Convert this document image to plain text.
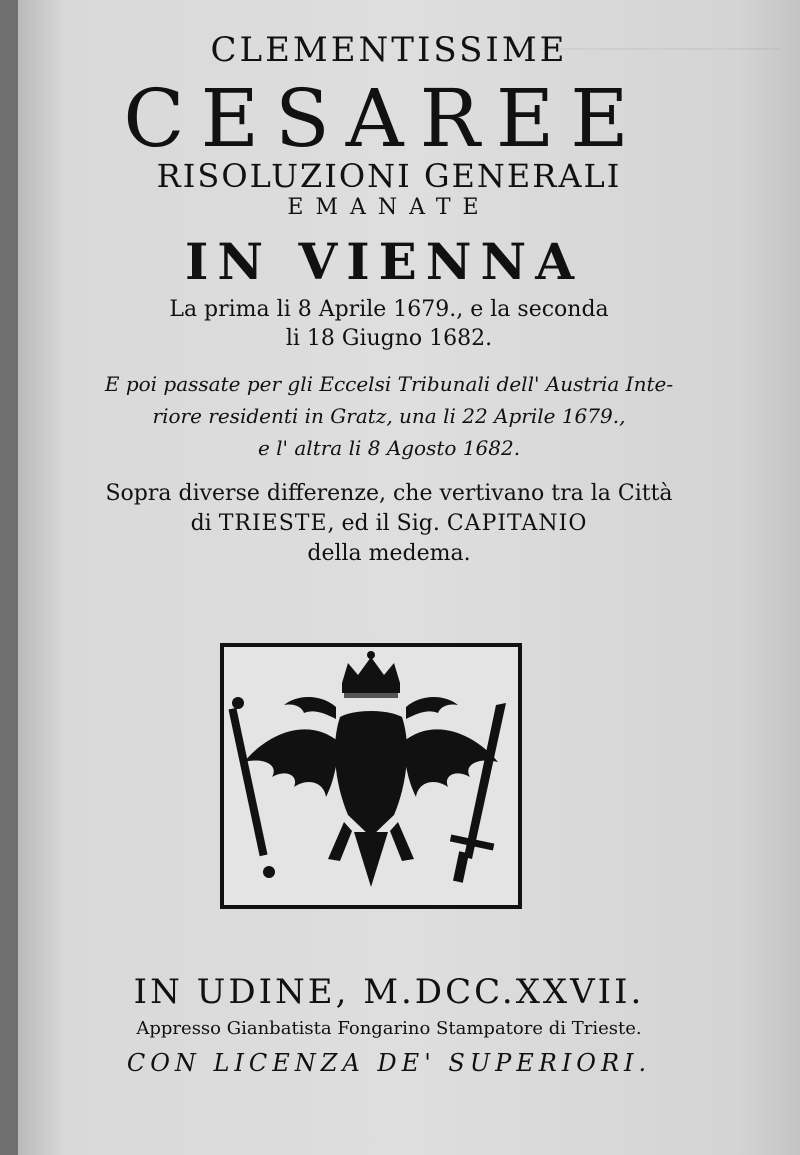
CLEMENTISSIME

CESAREE

RISOLUZIONI GENERALI

EMANATE

IN VIENNA

La prima li 8 Aprile 1679., e la seconda

li 18 Giugno 1682.

E poi passate per gli Eccelsi Tribunali dell' Austria Inte-

riore residenti in Gratz, una li 22 Aprile 1679.,

e l' altra li 8 Agosto 1682.

Sopra diverse differenze, che vertivano tra la Città

di TRIESTE, ed il Sig. CAPITANIO

della medema.

IN UDINE, M.DCC.XXVII.

Appresso Gianbatista Fongarino Stampatore di Trieste.

CON LICENZA DE' SUPERIORI.
